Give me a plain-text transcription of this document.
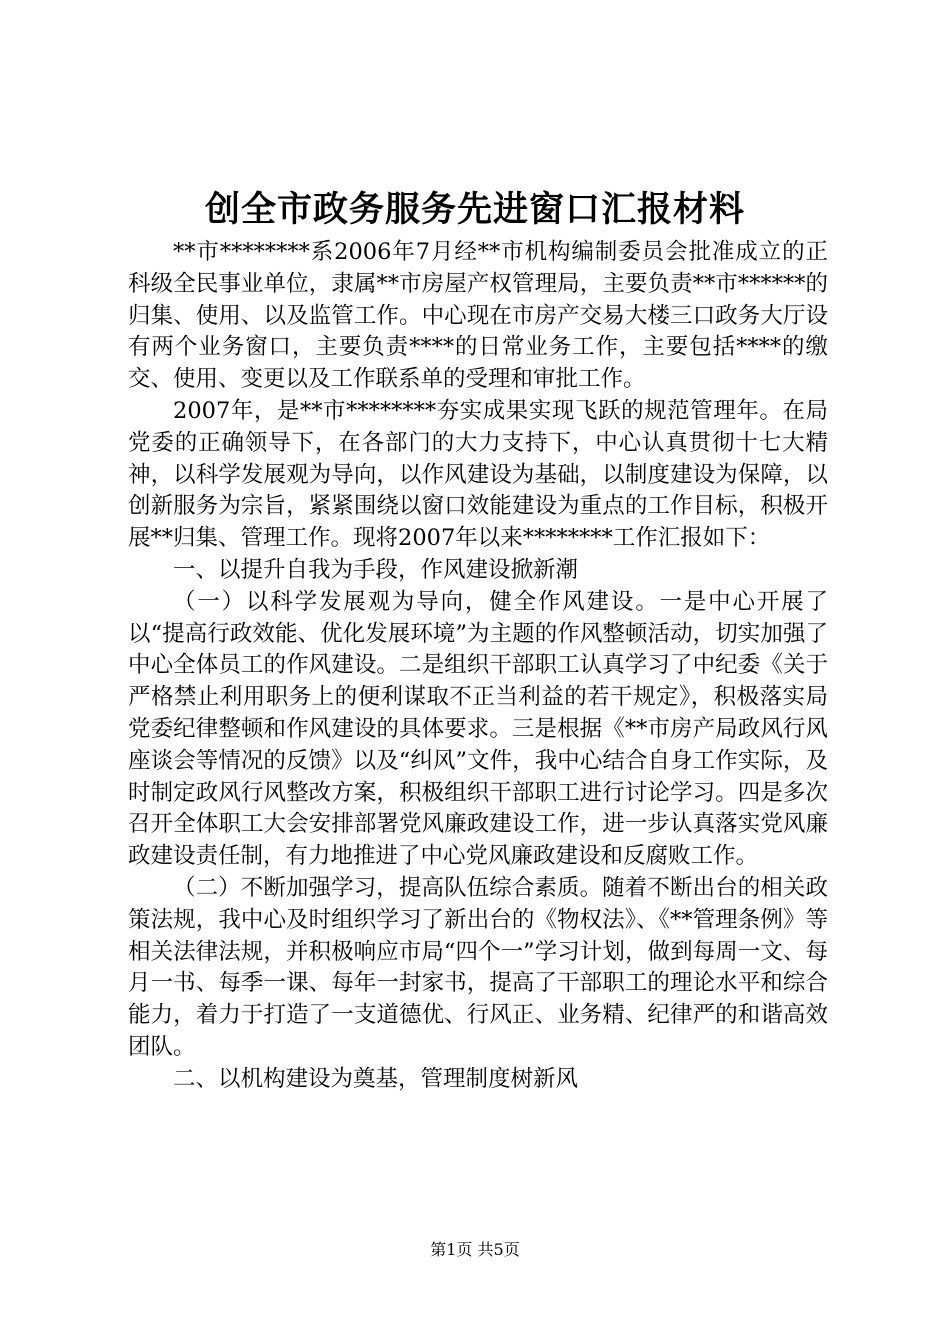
创全市政务服务先进窗口汇报材料

**市********系2006年7月经**市机构编制委员会批准成立的正科级全民事业单位，隶属**市房屋产权管理局，主要负责**市******的归集、使用、以及监管工作。中心现在市房产交易大楼三口政务大厅设有两个业务窗口，主要负责****的日常业务工作，主要包括****的缴交、使用、变更以及工作联系单的受理和审批工作。

2007年，是**市********夯实成果实现飞跃的规范管理年。在局党委的正确领导下，在各部门的大力支持下，中心认真贯彻十七大精神，以科学发展观为导向，以作风建设为基础，以制度建设为保障，以创新服务为宗旨，紧紧围绕以窗口效能建设为重点的工作目标，积极开展**归集、管理工作。现将2007年以来********工作汇报如下：

一、以提升自我为手段，作风建设掀新潮

（一）以科学发展观为导向，健全作风建设。一是中心开展了以“提高行政效能、优化发展环境”为主题的作风整顿活动，切实加强了中心全体员工的作风建设。二是组织干部职工认真学习了中纪委《关于严格禁止利用职务上的便利谋取不正当利益的若干规定》，积极落实局党委纪律整顿和作风建设的具体要求。三是根据《**市房产局政风行风座谈会等情况的反馈》以及“纠风”文件，我中心结合自身工作实际，及时制定政风行风整改方案，积极组织干部职工进行讨论学习。四是多次召开全体职工大会安排部署党风廉政建设工作，进一步认真落实党风廉政建设责任制，有力地推进了中心党风廉政建设和反腐败工作。

（二）不断加强学习，提高队伍综合素质。随着不断出台的相关政策法规，我中心及时组织学习了新出台的《物权法》、《**管理条例》等相关法律法规，并积极响应市局“四个一”学习计划，做到每周一文、每月一书、每季一课、每年一封家书，提高了干部职工的理论水平和综合能力，着力于打造了一支道德优、行风正、业务精、纪律严的和谐高效团队。

二、以机构建设为奠基，管理制度树新风

第1页 共5页
